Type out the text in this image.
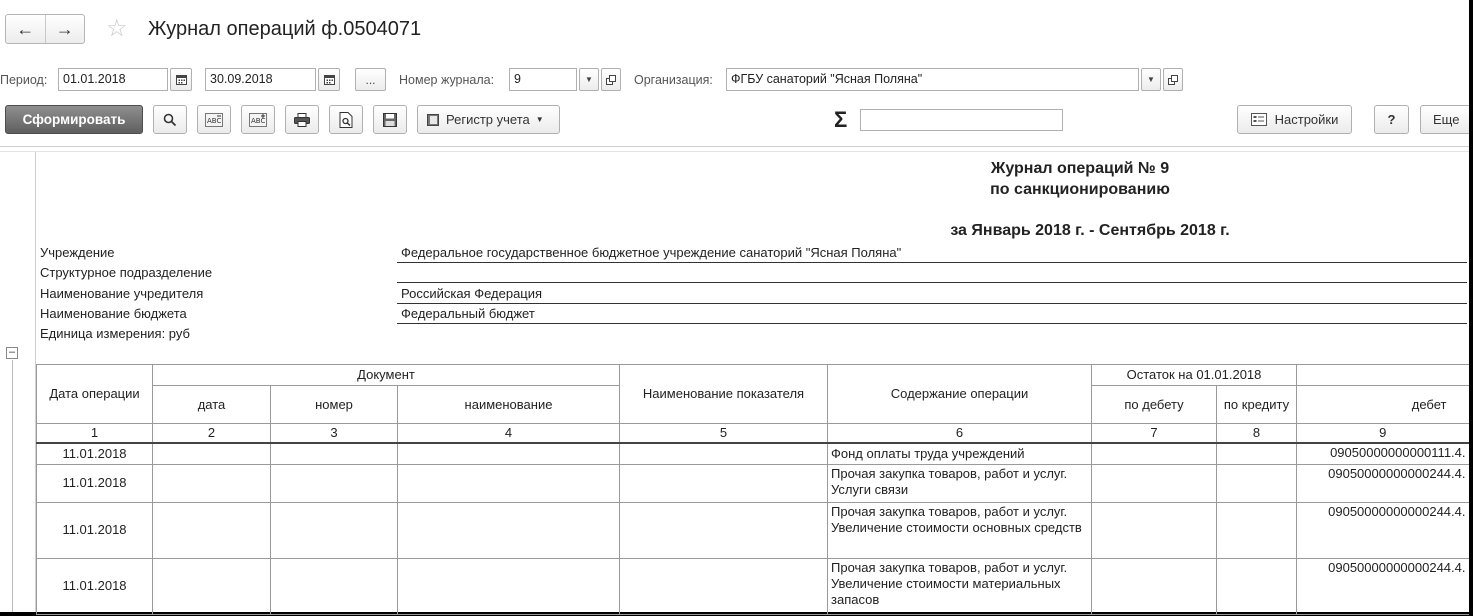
← → ☆ Журнал операций ф.0504071
Период:	01.01.2018	30.09.2018	...	Номер журнала:	9	▼	Организация:	ФГБУ санаторий "Ясная Поляна"	▼
Сформировать	ABC	ABC	Регистр учета ▼	Σ	Настройки	?	Еще
–
Журнал операций № 9
по санкционированию
за Январь 2018 г. - Сентябрь 2018 г.
Учреждение	Федеральное государственное бюджетное учреждение санаторий "Ясная Поляна"
Структурное подразделение
Наименование учредителя	Российская Федерация
Наименование бюджета	Федеральный бюджет
Единица измерения: руб
Дата операции	Документ			Наименование показателя	Содержание операции	Остаток на 01.01.2018		
	дата	номер	наименование			по дебету	по кредиту	дебет
1	2	3	4	5	6	7	8	9
11.01.2018					Фонд оплаты труда учреждений			09050000000000111.4.
11.01.2018					Прочая закупка товаров, работ и услуг. Услуги связи			09050000000000244.4.
11.01.2018					Прочая закупка товаров, работ и услуг. Увеличение стоимости основных средств			09050000000000244.4.
11.01.2018					Прочая закупка товаров, работ и услуг. Увеличение стоимости материальных запасов			09050000000000244.4.
